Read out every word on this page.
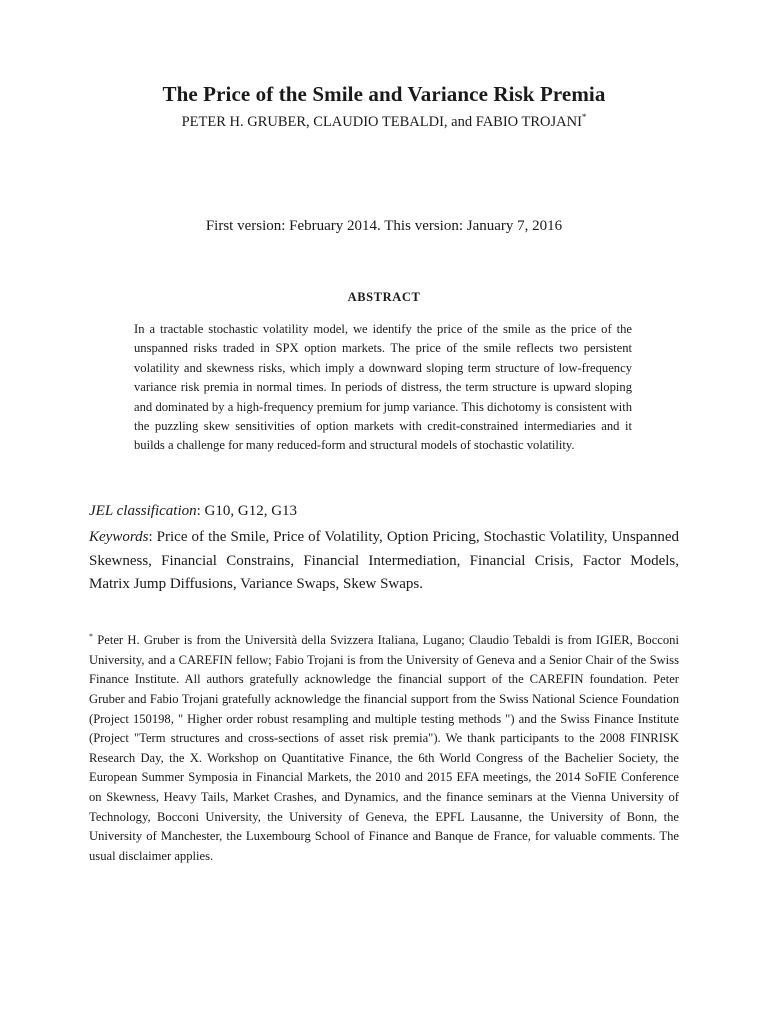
The Price of the Smile and Variance Risk Premia
PETER H. GRUBER, CLAUDIO TEBALDI, and FABIO TROJANI*
First version: February 2014. This version: January 7, 2016
ABSTRACT
In a tractable stochastic volatility model, we identify the price of the smile as the price of the unspanned risks traded in SPX option markets. The price of the smile reflects two persistent volatility and skewness risks, which imply a downward sloping term structure of low-frequency variance risk premia in normal times. In periods of distress, the term structure is upward sloping and dominated by a high-frequency premium for jump variance. This dichotomy is consistent with the puzzling skew sensitivities of option markets with credit-constrained intermediaries and it builds a challenge for many reduced-form and structural models of stochastic volatility.
JEL classification: G10, G12, G13
Keywords: Price of the Smile, Price of Volatility, Option Pricing, Stochastic Volatility, Unspanned Skewness, Financial Constrains, Financial Intermediation, Financial Crisis, Factor Models, Matrix Jump Diffusions, Variance Swaps, Skew Swaps.
* Peter H. Gruber is from the Università della Svizzera Italiana, Lugano; Claudio Tebaldi is from IGIER, Bocconi University, and a CAREFIN fellow; Fabio Trojani is from the University of Geneva and a Senior Chair of the Swiss Finance Institute. All authors gratefully acknowledge the financial support of the CAREFIN foundation. Peter Gruber and Fabio Trojani gratefully acknowledge the financial support from the Swiss National Science Foundation (Project 150198, " Higher order robust resampling and multiple testing methods ") and the Swiss Finance Institute (Project "Term structures and cross-sections of asset risk premia"). We thank participants to the 2008 FINRISK Research Day, the X. Workshop on Quantitative Finance, the 6th World Congress of the Bachelier Society, the European Summer Symposia in Financial Markets, the 2010 and 2015 EFA meetings, the 2014 SoFIE Conference on Skewness, Heavy Tails, Market Crashes, and Dynamics, and the finance seminars at the Vienna University of Technology, Bocconi University, the University of Geneva, the EPFL Lausanne, the University of Bonn, the University of Manchester, the Luxembourg School of Finance and Banque de France, for valuable comments. The usual disclaimer applies.
